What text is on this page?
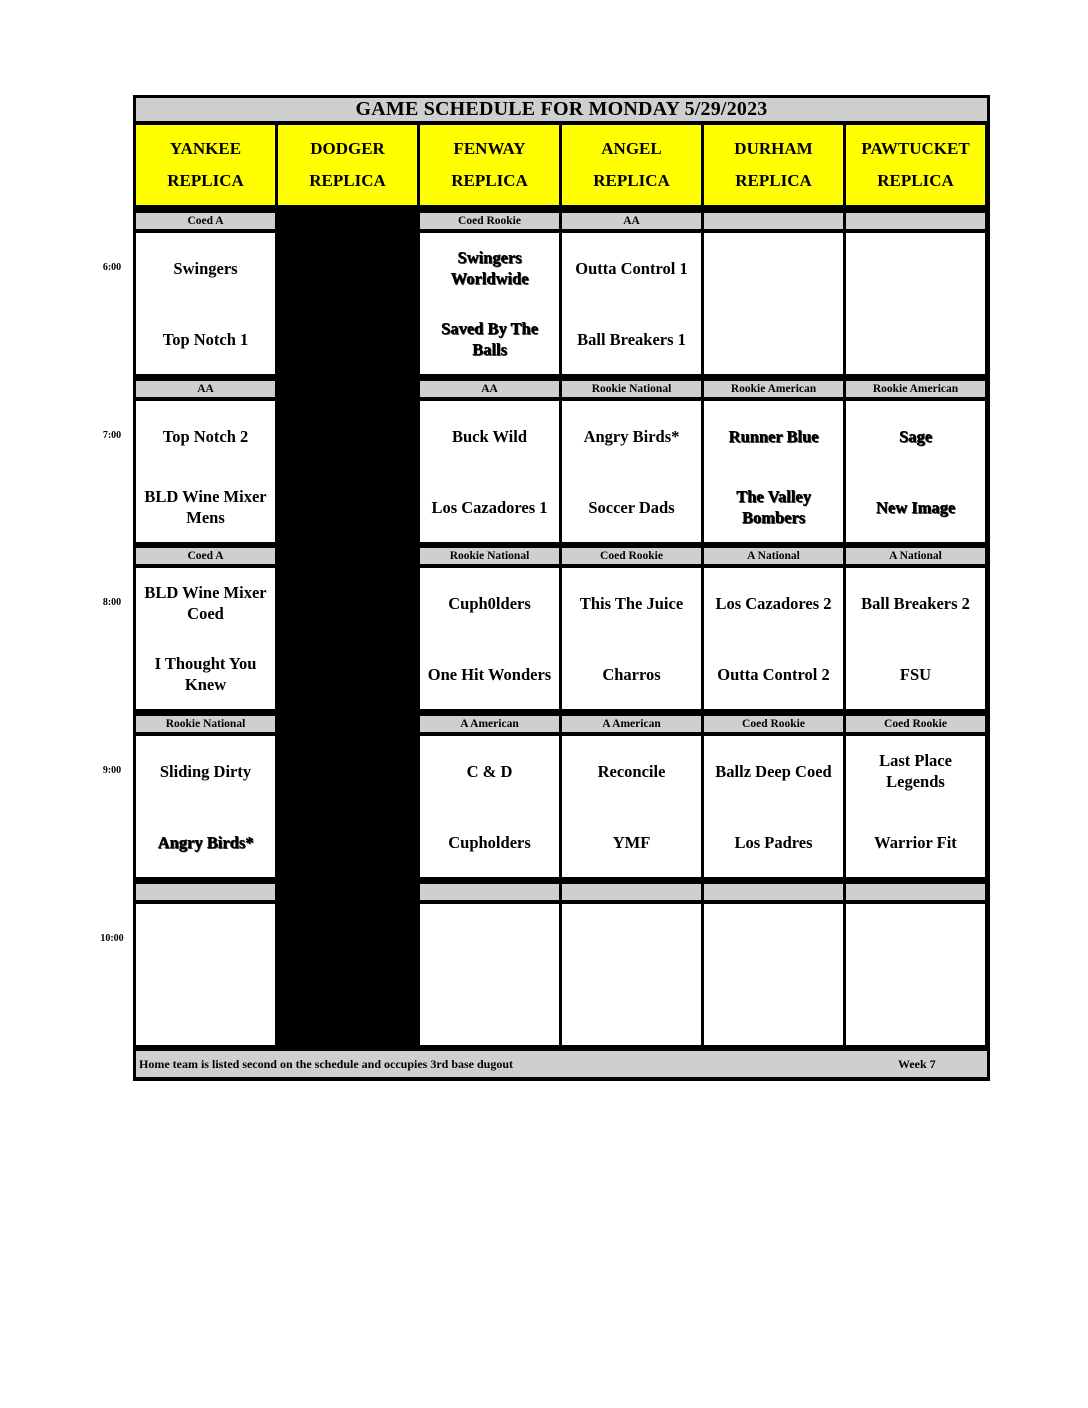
GAME SCHEDULE FOR MONDAY 5/29/2023
YANKEE
REPLICA
DODGER
REPLICA
FENWAY
REPLICA
ANGEL
REPLICA
DURHAM
REPLICA
PAWTUCKET
REPLICA
Coed A
Swingers
Top Notch 1
Coed Rookie
Swingers Worldwide
Saved By The Balls
AA
Outta Control 1
Ball Breakers 1
AA
Top Notch 2
BLD Wine Mixer Mens
AA
Buck Wild
Los Cazadores 1
Rookie National
Angry Birds*
Soccer Dads
Rookie American
Runner Blue
The Valley Bombers
Rookie American
Sage
New Image
Coed A
BLD Wine Mixer Coed
I Thought You Knew
Rookie National
Cuph0lders
One Hit Wonders
Coed Rookie
This The Juice
Charros
A National
Los Cazadores 2
Outta Control 2
A National
Ball Breakers 2
FSU
Rookie National
Sliding Dirty
Angry Birds*
A American
C & D
Cupholders
A American
Reconcile
YMF
Coed Rookie
Ballz Deep Coed
Los Padres
Coed Rookie
Last Place Legends
Warrior Fit
Home team is listed second on the schedule and occupies 3rd base dugout	Week 7
6:00
7:00
8:00
9:00
10:00
